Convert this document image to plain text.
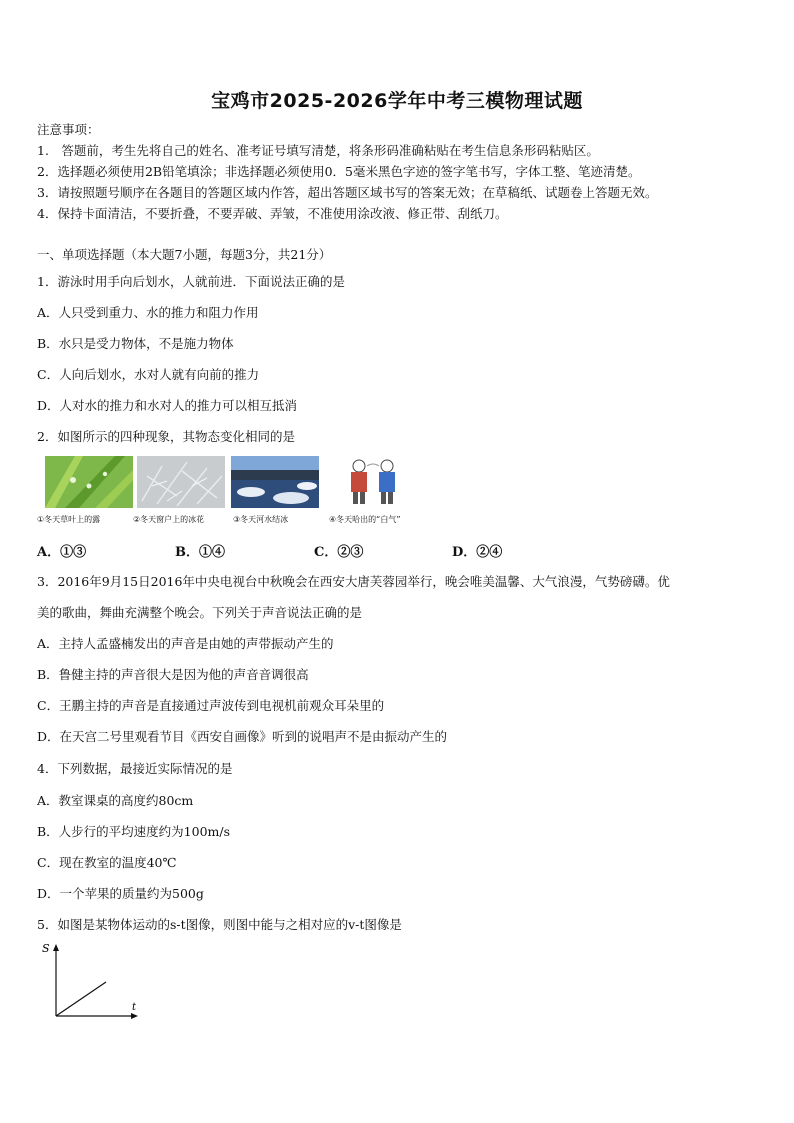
宝鸡市2025-2026学年中考三模物理试题
注意事项：
1.　答题前，考生先将自己的姓名、准考证号填写清楚，将条形码准确粘贴在考生信息条形码粘贴区。
2．选择题必须使用2B铅笔填涂；非选择题必须使用0．5毫米黑色字迹的签字笔书写，字体工整、笔迹清楚。
3．请按照题号顺序在各题目的答题区域内作答，超出答题区域书写的答案无效；在草稿纸、试题卷上答题无效。
4．保持卡面清洁，不要折叠，不要弄破、弄皱，不准使用涂改液、修正带、刮纸刀。
一、单项选择题（本大题7小题，每题3分，共21分）
1．游泳时用手向后划水，人就前进．下面说法正确的是
A．人只受到重力、水的推力和阻力作用
B．水只是受力物体，不是施力物体
C．人向后划水，水对人就有向前的推力
D．人对水的推力和水对人的推力可以相互抵消
2．如图所示的四种现象，其物态变化相同的是
①冬天草叶上的露	②冬天窗户上的冰花	③冬天河水结冰	④冬天哈出的“白气”
A．①③	B．①④	C．②③	D．②④
3．2016年9月15日2016年中央电视台中秋晚会在西安大唐芙蓉园举行，晚会唯美温馨、大气浪漫，气势磅礴。优
美的歌曲，舞曲充满整个晚会。下列关于声音说法正确的是
A．主持人孟盛楠发出的声音是由她的声带振动产生的
B．鲁健主持的声音很大是因为他的声音音调很高
C．王鹏主持的声音是直接通过声波传到电视机前观众耳朵里的
D．在天宫二号里观看节目《西安自画像》听到的说唱声不是由振动产生的
4．下列数据，最接近实际情况的是
A．教室课桌的高度约80cm
B．人步行的平均速度约为100m/s
C．现在教室的温度40℃
D．一个苹果的质量约为500g
5．如图是某物体运动的s-t图像，则图中能与之相对应的v-t图像是
S
t
